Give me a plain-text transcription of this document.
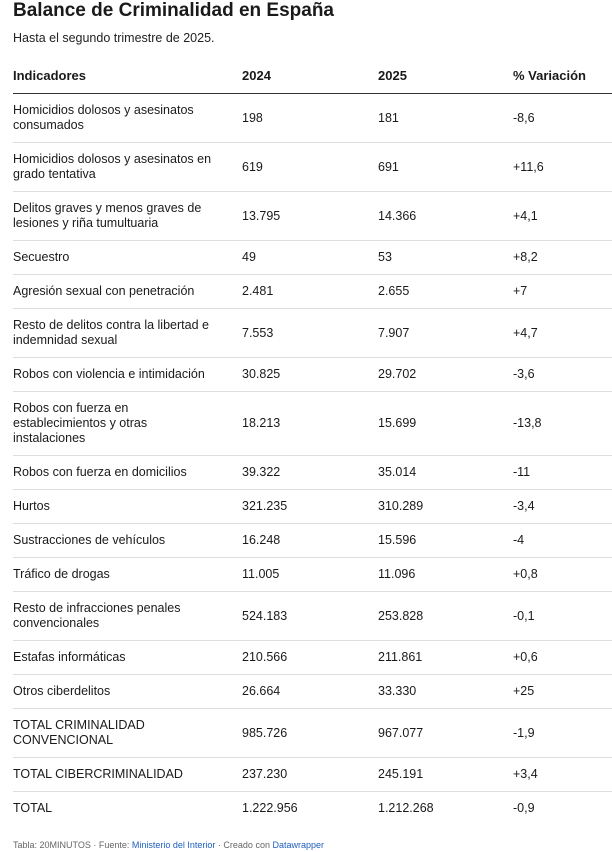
Balance de Criminalidad en España
Hasta el segundo trimestre de 2025.
Indicadores	2024	2025	% Variación
Homicidios dolosos y asesinatos consumados	198	181	-8,6
Homicidios dolosos y asesinatos en grado tentativa	619	691	+11,6
Delitos graves y menos graves de lesiones y riña tumultuaria	13.795	14.366	+4,1
Secuestro	49	53	+8,2
Agresión sexual con penetración	2.481	2.655	+7
Resto de delitos contra la libertad e indemnidad sexual	7.553	7.907	+4,7
Robos con violencia e intimidación	30.825	29.702	-3,6
Robos con fuerza en establecimientos y otras instalaciones	18.213	15.699	-13,8
Robos con fuerza en domicilios	39.322	35.014	-11
Hurtos	321.235	310.289	-3,4
Sustracciones de vehículos	16.248	15.596	-4
Tráfico de drogas	11.005	11.096	+0,8
Resto de infracciones penales convencionales	524.183	253.828	-0,1
Estafas informáticas	210.566	211.861	+0,6
Otros ciberdelitos	26.664	33.330	+25
TOTAL CRIMINALIDAD CONVENCIONAL	985.726	967.077	-1,9
TOTAL CIBERCRIMINALIDAD	237.230	245.191	+3,4
TOTAL	1.222.956	1.212.268	-0,9
Tabla: 20MINUTOS · Fuente: Ministerio del Interior · Creado con Datawrapper
